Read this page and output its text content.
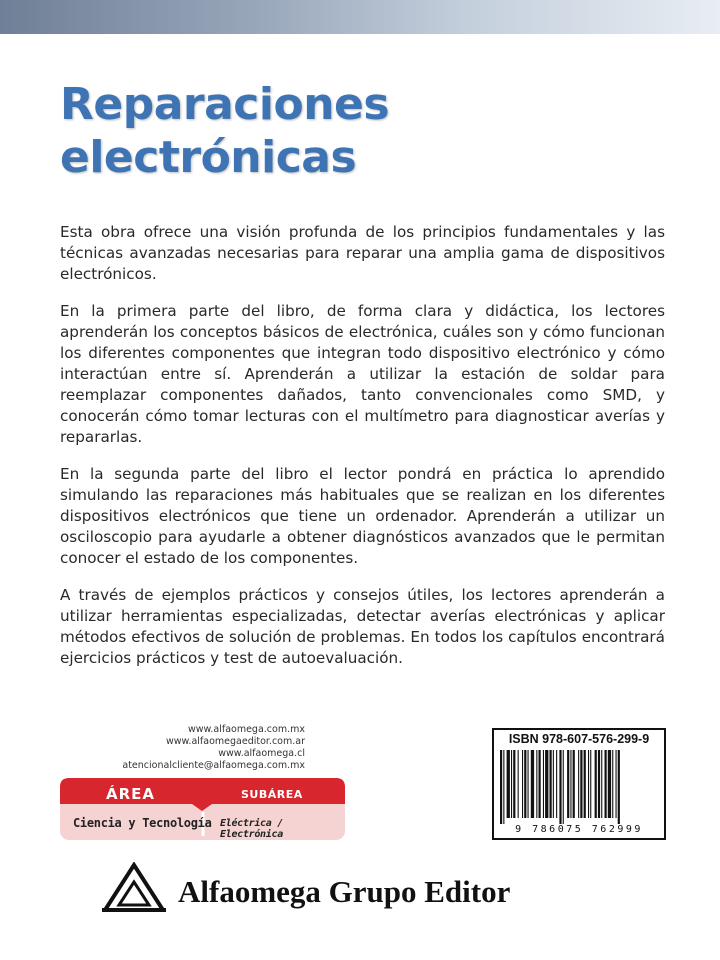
Reparaciones
electrónicas

Esta obra ofrece una visión profunda de los principios fundamentales y las técnicas avanzadas necesarias para reparar una amplia gama de dispositivos electrónicos.

En la primera parte del libro, de forma clara y didáctica, los lectores aprenderán los conceptos básicos de electrónica, cuáles son y cómo funcionan los diferentes componentes que integran todo dispositivo electrónico y cómo interactúan entre sí. Aprenderán a utilizar la estación de soldar para reemplazar componentes dañados, tanto convencionales como SMD, y conocerán cómo tomar lecturas con el multímetro para diagnosticar averías y repararlas.

En la segunda parte del libro el lector pondrá en práctica lo aprendido simulando las reparaciones más habituales que se realizan en los diferentes dispositivos electrónicos que tiene un ordenador. Aprenderán a utilizar un osciloscopio para ayudarle a obtener diagnósticos avanzados que le permitan conocer el estado de los componentes.

A través de ejemplos prácticos y consejos útiles, los lectores aprenderán a utilizar herramientas especializadas, detectar averías electrónicas y aplicar métodos efectivos de solución de problemas. En todos los capítulos encontrará ejercicios prácticos y test de autoevaluación.

www.alfaomega.com.mx
www.alfaomegaeditor.com.ar
www.alfaomega.cl
atencionalcliente@alfaomega.com.mx
ÁREA	SUBÁREA
Ciencia y Tecnología Eléctrica / Electrónica
ISBN 978-607-576-299-9
9 786075 762999
Alfaomega Grupo Editor
